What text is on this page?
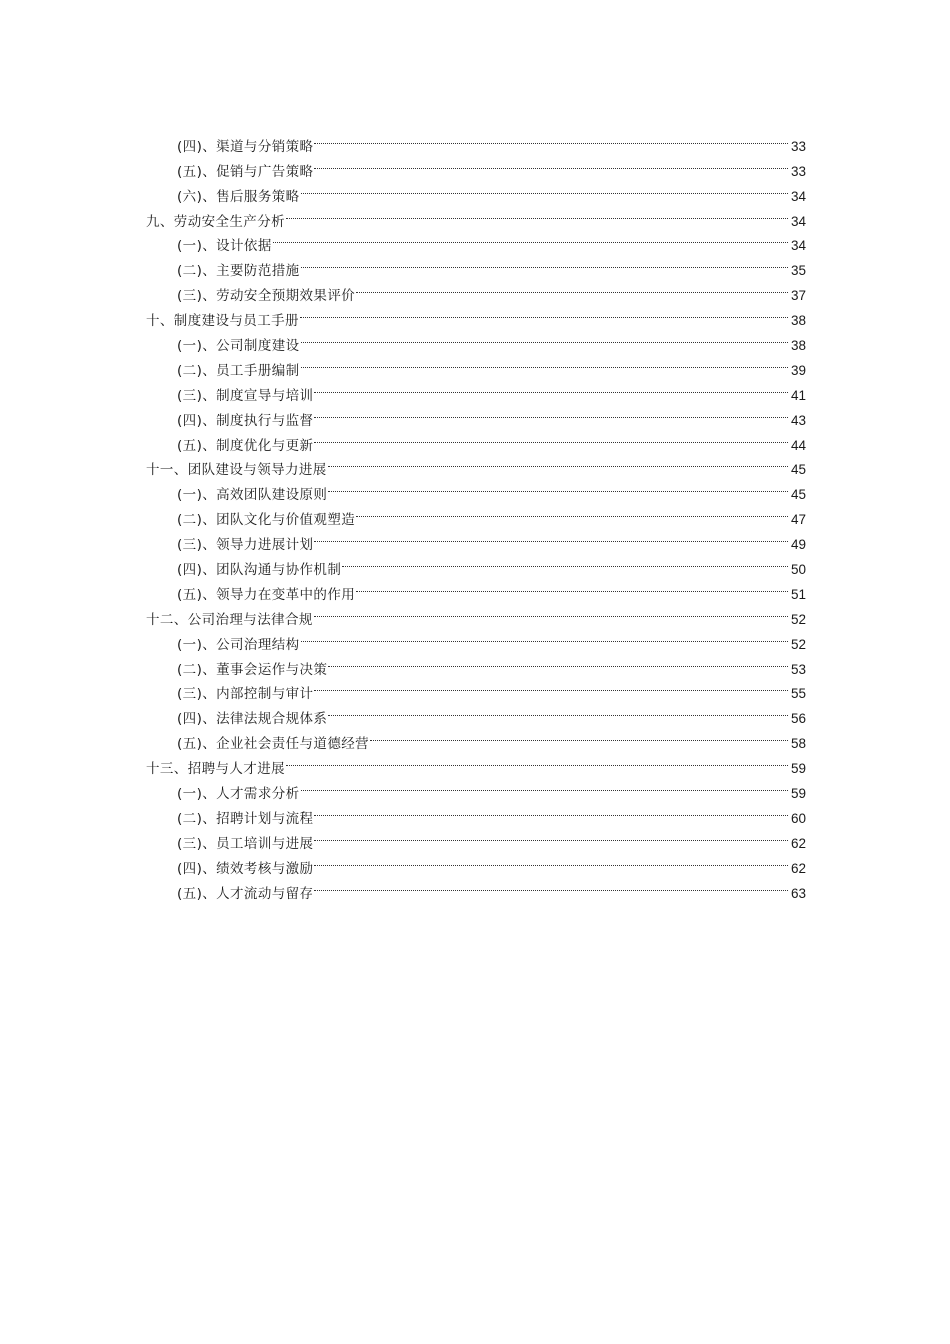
(四)、渠道与分销策略	33
(五)、促销与广告策略	33
(六)、售后服务策略	34
九、劳动安全生产分析	34
(一)、设计依据	34
(二)、主要防范措施	35
(三)、劳动安全预期效果评价	37
十、制度建设与员工手册	38
(一)、公司制度建设	38
(二)、员工手册编制	39
(三)、制度宣导与培训	41
(四)、制度执行与监督	43
(五)、制度优化与更新	44
十一、团队建设与领导力进展	45
(一)、高效团队建设原则	45
(二)、团队文化与价值观塑造	47
(三)、领导力进展计划	49
(四)、团队沟通与协作机制	50
(五)、领导力在变革中的作用	51
十二、公司治理与法律合规	52
(一)、公司治理结构	52
(二)、董事会运作与决策	53
(三)、内部控制与审计	55
(四)、法律法规合规体系	56
(五)、企业社会责任与道德经营	58
十三、招聘与人才进展	59
(一)、人才需求分析	59
(二)、招聘计划与流程	60
(三)、员工培训与进展	62
(四)、绩效考核与激励	62
(五)、人才流动与留存	63
